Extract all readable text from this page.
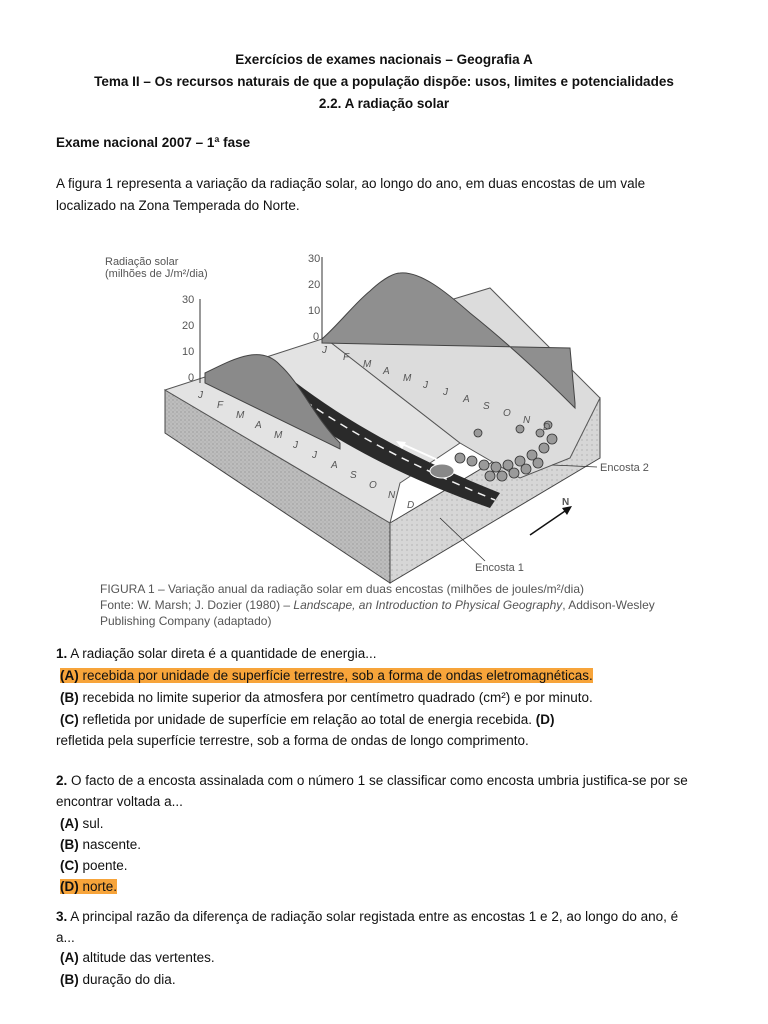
Exercícios de exames nacionais – Geografia A
Tema II – Os recursos naturais de que a população dispõe: usos, limites e potencialidades
2.2. A radiação solar
Exame nacional 2007 – 1ª fase
A figura 1 representa a variação da radiação solar, ao longo do ano, em duas encostas de um vale
localizado na Zona Temperada do Norte.
Radiação solar
(milhões de J/m²/dia)
30
20
10
0
30
20
10
0
J
F
M
A
M
J
J
A
S
O
N
D
J
F
M
A
M
J
J
A
S
O
N
D
Encosta 2
Encosta 1
N
FIGURA 1 – Variação anual da radiação solar em duas encostas (milhões de joules/m²/dia)
Fonte: W. Marsh; J. Dozier (1980) – Landscape, an Introduction to Physical Geography, Addison-Wesley
Publishing Company (adaptado)
1. A radiação solar direta é a quantidade de energia...
(A) recebida por unidade de superfície terrestre, sob a forma de ondas eletromagnéticas.
(B) recebida no limite superior da atmosfera por centímetro quadrado (cm²) e por minuto.
(C) refletida por unidade de superfície em relação ao total de energia recebida. (D)
refletida pela superfície terrestre, sob a forma de ondas de longo comprimento.
2. O facto de a encosta assinalada com o número 1 se classificar como encosta umbria justifica-se por se
encontrar voltada a...
(A) sul.
(B) nascente.
(C) poente.
(D) norte.
3. A principal razão da diferença de radiação solar registada entre as encostas 1 e 2, ao longo do ano, é
a...
(A) altitude das vertentes.
(B) duração do dia.
